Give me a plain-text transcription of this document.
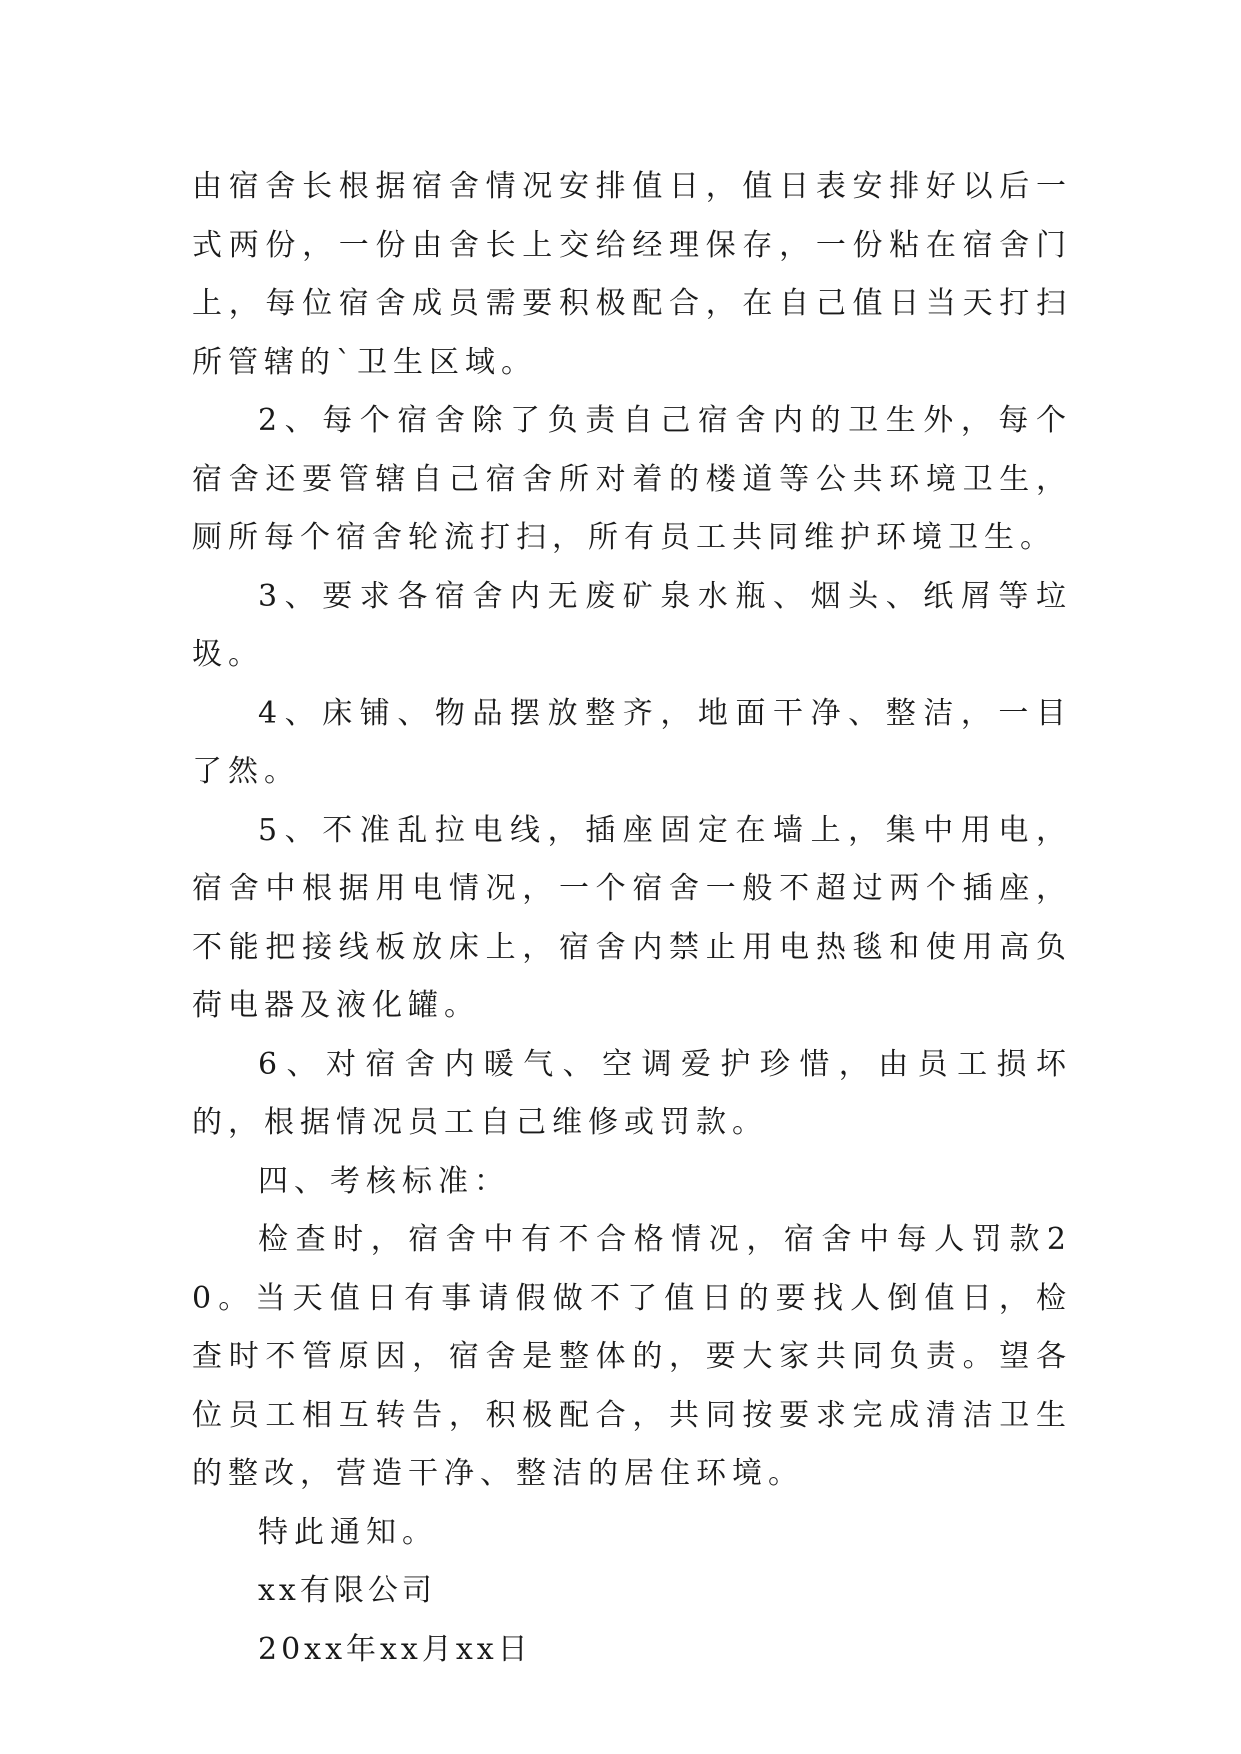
由宿舍长根据宿舍情况安排值日，值日表安排好以后一式两份，一份由舍长上交给经理保存，一份粘在宿舍门上，每位宿舍成员需要积极配合，在自己值日当天打扫所管辖的`卫生区域。

2、每个宿舍除了负责自己宿舍内的卫生外，每个宿舍还要管辖自己宿舍所对着的楼道等公共环境卫生，厕所每个宿舍轮流打扫，所有员工共同维护环境卫生。

3、要求各宿舍内无废矿泉水瓶、烟头、纸屑等垃圾。

4、床铺、物品摆放整齐，地面干净、整洁，一目了然。

5、不准乱拉电线，插座固定在墙上，集中用电，宿舍中根据用电情况，一个宿舍一般不超过两个插座，不能把接线板放床上，宿舍内禁止用电热毯和使用高负荷电器及液化罐。

6、对宿舍内暖气、空调爱护珍惜，由员工损坏的，根据情况员工自己维修或罚款。

四、考核标准：

检查时，宿舍中有不合格情况，宿舍中每人罚款20。当天值日有事请假做不了值日的要找人倒值日，检查时不管原因，宿舍是整体的，要大家共同负责。望各位员工相互转告，积极配合，共同按要求完成清洁卫生的整改，营造干净、整洁的居住环境。

特此通知。

xx有限公司

20xx年xx月xx日
